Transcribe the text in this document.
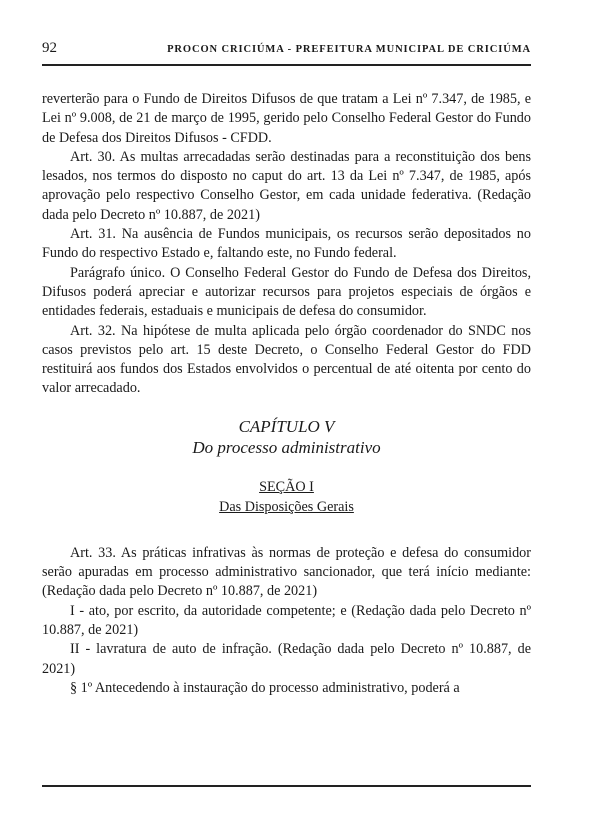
92	PROCON CRICIÚMA - PREFEITURA MUNICIPAL DE CRICIÚMA

reverterão para o Fundo de Direitos Difusos de que tratam a Lei nº 7.347, de 1985, e Lei nº 9.008, de 21 de março de 1995, gerido pelo Conselho Federal Gestor do Fundo de Defesa dos Direitos Difusos - CFDD.

Art. 30. As multas arrecadadas serão destinadas para a reconstituição dos bens lesados, nos termos do disposto no caput do art. 13 da Lei nº 7.347, de 1985, após aprovação pelo respectivo Conselho Gestor, em cada unidade federativa. (Redação dada pelo Decreto nº 10.887, de 2021)

Art. 31. Na ausência de Fundos municipais, os recursos serão depositados no Fundo do respectivo Estado e, faltando este, no Fundo federal.

Parágrafo único. O Conselho Federal Gestor do Fundo de Defesa dos Direitos, Difusos poderá apreciar e autorizar recursos para projetos especiais de órgãos e entidades federais, estaduais e municipais de defesa do consumidor.

Art. 32. Na hipótese de multa aplicada pelo órgão coordenador do SNDC nos casos previstos pelo art. 15 deste Decreto, o Conselho Federal Gestor do FDD restituirá aos fundos dos Estados envolvidos o percentual de até oitenta por cento do valor arrecadado.

CAPÍTULO V
Do processo administrativo
SEÇÃO I
Das Disposições Gerais

Art. 33. As práticas infrativas às normas de proteção e defesa do consumidor serão apuradas em processo administrativo sancionador, que terá início mediante: (Redação dada pelo Decreto nº 10.887, de 2021)

I - ato, por escrito, da autoridade competente; e (Redação dada pelo Decreto nº 10.887, de 2021)

II - lavratura de auto de infração. (Redação dada pelo Decreto nº 10.887, de 2021)

§ 1º Antecedendo à instauração do processo administrativo, poderá a
